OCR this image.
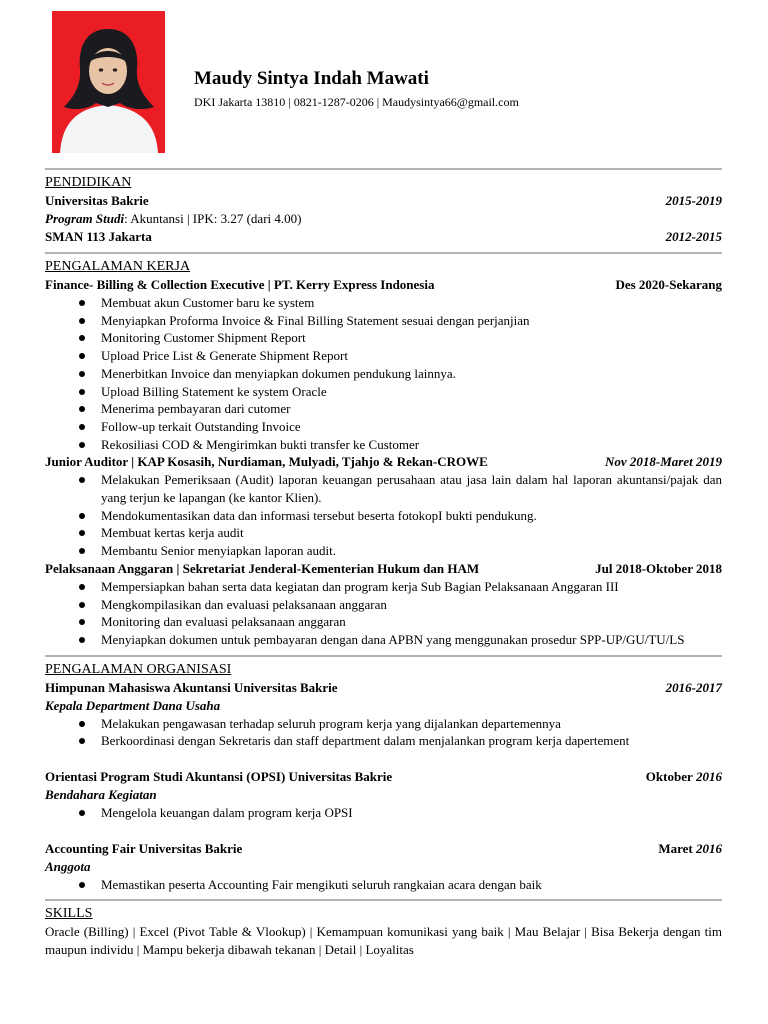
Maudy Sintya Indah Mawati
DKI Jakarta 13810 | 0821-1287-0206 | Maudysintya66@gmail.com
PENDIDIKAN
Universitas Bakrie	2015-2019
Program Studi: Akuntansi | IPK: 3.27 (dari 4.00)
SMAN 113 Jakarta	2012-2015
PENGALAMAN KERJA
Finance- Billing & Collection Executive | PT. Kerry Express Indonesia	Des 2020-Sekarang
Membuat akun Customer baru ke system
Menyiapkan Proforma Invoice & Final Billing Statement sesuai dengan perjanjian
Monitoring Customer Shipment Report
Upload Price List & Generate Shipment Report
Menerbitkan Invoice dan menyiapkan dokumen pendukung lainnya.
Upload Billing Statement ke system Oracle
Menerima pembayaran dari cutomer
Follow-up terkait Outstanding Invoice
Rekosiliasi COD & Mengirimkan bukti transfer ke Customer
Junior Auditor | KAP Kosasih, Nurdiaman, Mulyadi, Tjahjo & Rekan-CROWE	Nov 2018-Maret 2019
Melakukan Pemeriksaan (Audit) laporan keuangan perusahaan atau jasa lain dalam hal laporan akuntansi/pajak dan yang terjun ke lapangan (ke kantor Klien).
Mendokumentasikan data dan informasi tersebut beserta fotokopI bukti pendukung.
Membuat kertas kerja audit
Membantu Senior menyiapkan laporan audit.
Pelaksanaan Anggaran | Sekretariat Jenderal-Kementerian Hukum dan HAM	Jul 2018-Oktober 2018
Mempersiapkan bahan serta data kegiatan dan program kerja Sub Bagian Pelaksanaan Anggaran III
Mengkompilasikan dan evaluasi pelaksanaan anggaran
Monitoring dan evaluasi pelaksanaan anggaran
Menyiapkan dokumen untuk pembayaran dengan dana APBN yang menggunakan prosedur SPP-UP/GU/TU/LS
PENGALAMAN ORGANISASI
Himpunan Mahasiswa Akuntansi Universitas Bakrie	2016-2017
Kepala Department Dana Usaha
Melakukan pengawasan terhadap seluruh program kerja yang dijalankan departemennya
Berkoordinasi dengan Sekretaris dan staff department dalam menjalankan program kerja dapertement
Orientasi Program Studi Akuntansi (OPSI) Universitas Bakrie	Oktober 2016
Bendahara Kegiatan
Mengelola keuangan dalam program kerja OPSI
Accounting Fair Universitas Bakrie	Maret 2016
Anggota
Memastikan peserta Accounting Fair mengikuti seluruh rangkaian acara dengan baik
SKILLS
Oracle (Billing) | Excel (Pivot Table & Vlookup) | Kemampuan komunikasi yang baik | Mau Belajar | Bisa Bekerja dengan tim maupun individu | Mampu bekerja dibawah tekanan | Detail | Loyalitas
